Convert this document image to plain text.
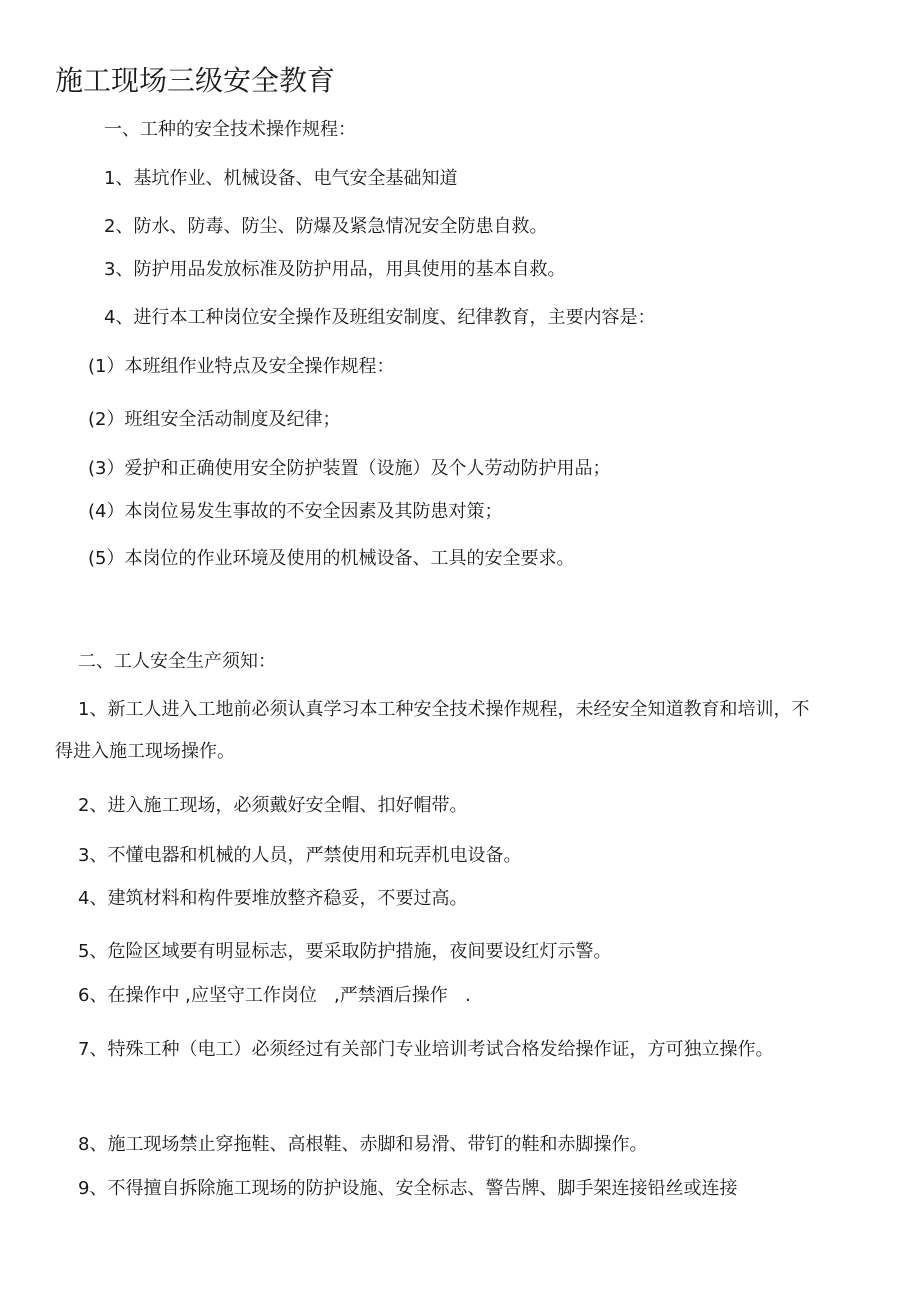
施工现场三级安全教育
一、工种的安全技术操作规程：
1、基坑作业、机械设备、电气安全基础知道
2、防水、防毒、防尘、防爆及紧急情况安全防患自救。
3、防护用品发放标准及防护用品，用具使用的基本自救。
4、进行本工种岗位安全操作及班组安制度、纪律教育，主要内容是：
(1）本班组作业特点及安全操作规程：
(2）班组安全活动制度及纪律；
(3）爱护和正确使用安全防护装置（设施）及个人劳动防护用品；
(4）本岗位易发生事故的不安全因素及其防患对策；
(5）本岗位的作业环境及使用的机械设备、工具的安全要求。
二、工人安全生产须知：
1、新工人进入工地前必须认真学习本工种安全技术操作规程，未经安全知道教育和培训，不得进入施工现场操作。
2、进入施工现场，必须戴好安全帽、扣好帽带。
3、不懂电器和机械的人员，严禁使用和玩弄机电设备。
4、建筑材料和构件要堆放整齐稳妥，不要过高。
5、危险区域要有明显标志，要采取防护措施，夜间要设红灯示警。
6、在操作中 ,应坚守工作岗位   ,严禁酒后操作   .
7、特殊工种（电工）必须经过有关部门专业培训考试合格发给操作证，方可独立操作。
8、施工现场禁止穿拖鞋、高根鞋、赤脚和易滑、带钉的鞋和赤脚操作。
9、不得擅自拆除施工现场的防护设施、安全标志、警告牌、脚手架连接铅丝或连接
